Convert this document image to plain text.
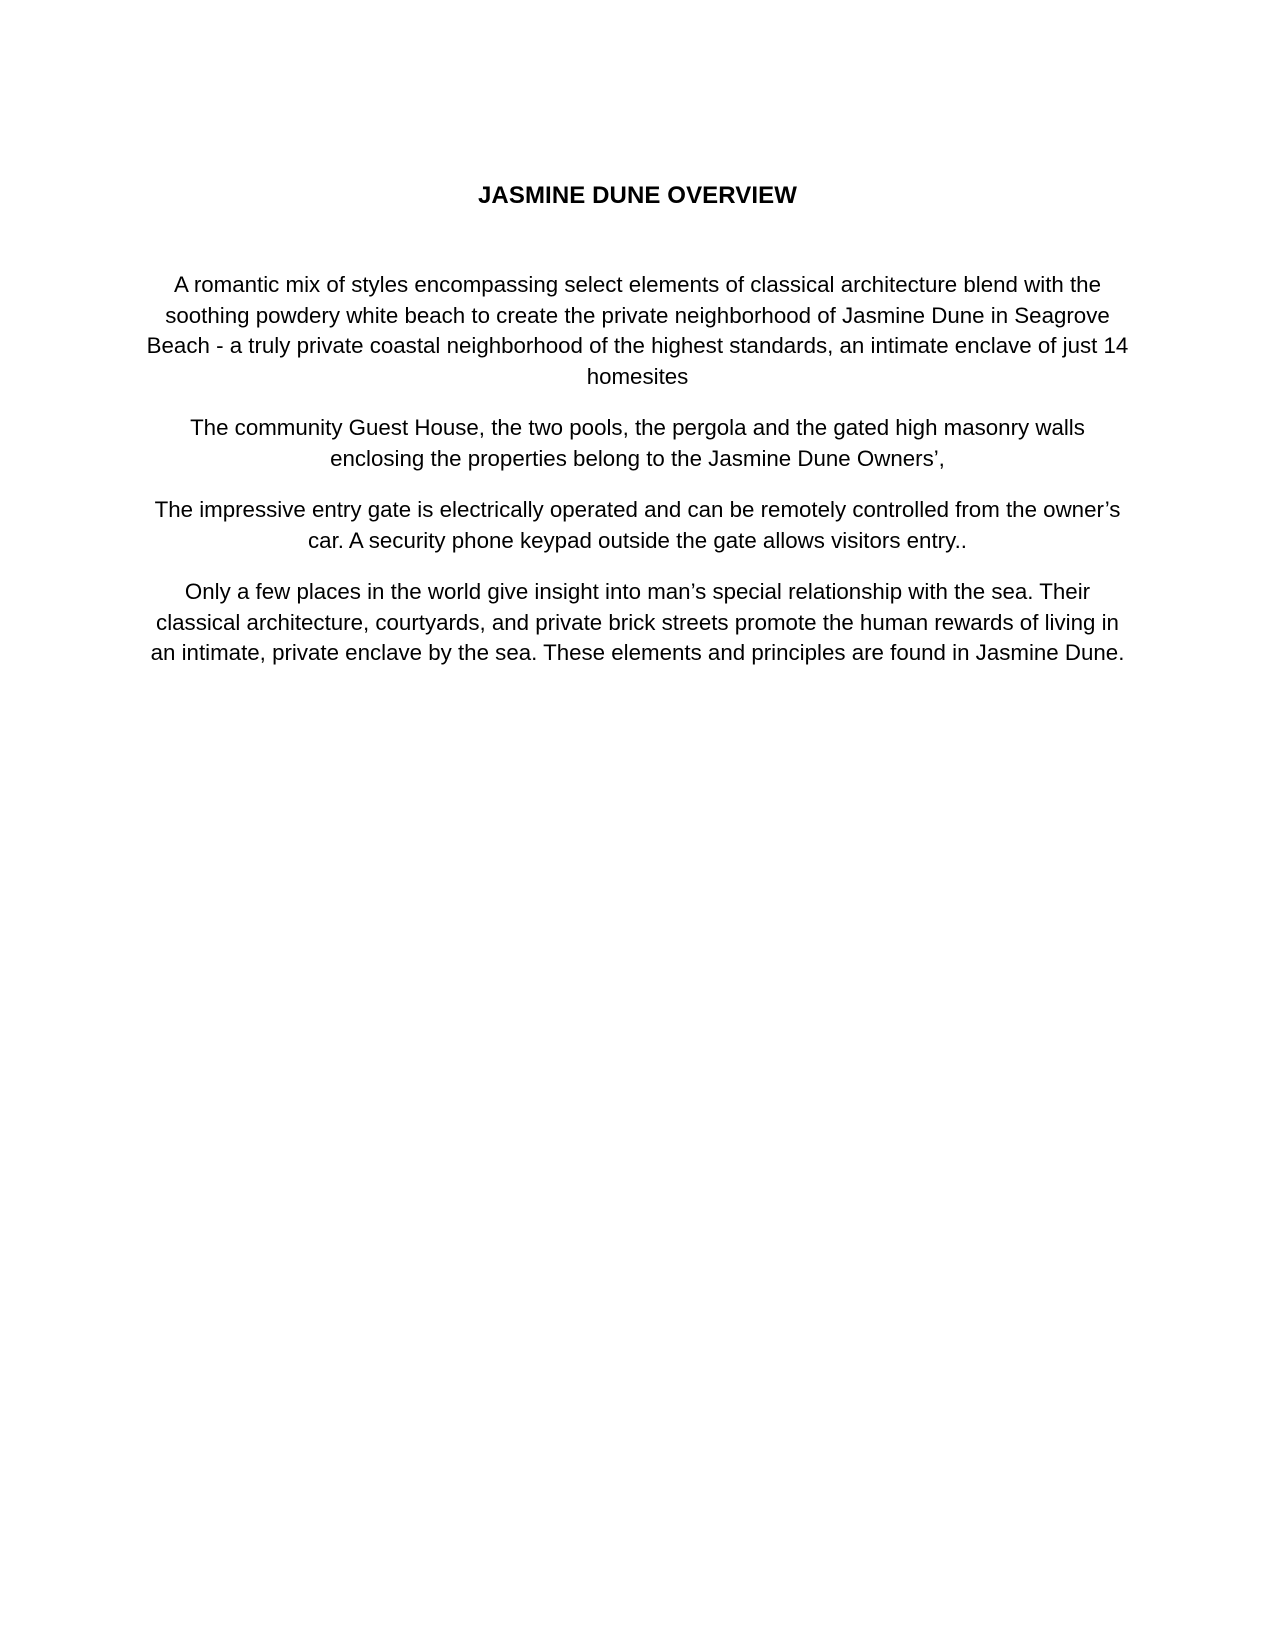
JASMINE DUNE OVERVIEW

A romantic mix of styles encompassing select elements of classical architecture blend with the soothing powdery white beach to create the private neighborhood of Jasmine Dune in Seagrove Beach - a truly private coastal neighborhood of the highest standards, an intimate enclave of just 14 homesites

The community Guest House, the two pools, the pergola and the gated high masonry walls enclosing the properties belong to the Jasmine Dune Owners’,

The impressive entry gate is electrically operated and can be remotely controlled from the owner’s car. A security phone keypad outside the gate allows visitors entry..

Only a few places in the world give insight into man’s special relationship with the sea. Their classical architecture, courtyards, and private brick streets promote the human rewards of living in an intimate, private enclave by the sea. These elements and principles are found in Jasmine Dune.
